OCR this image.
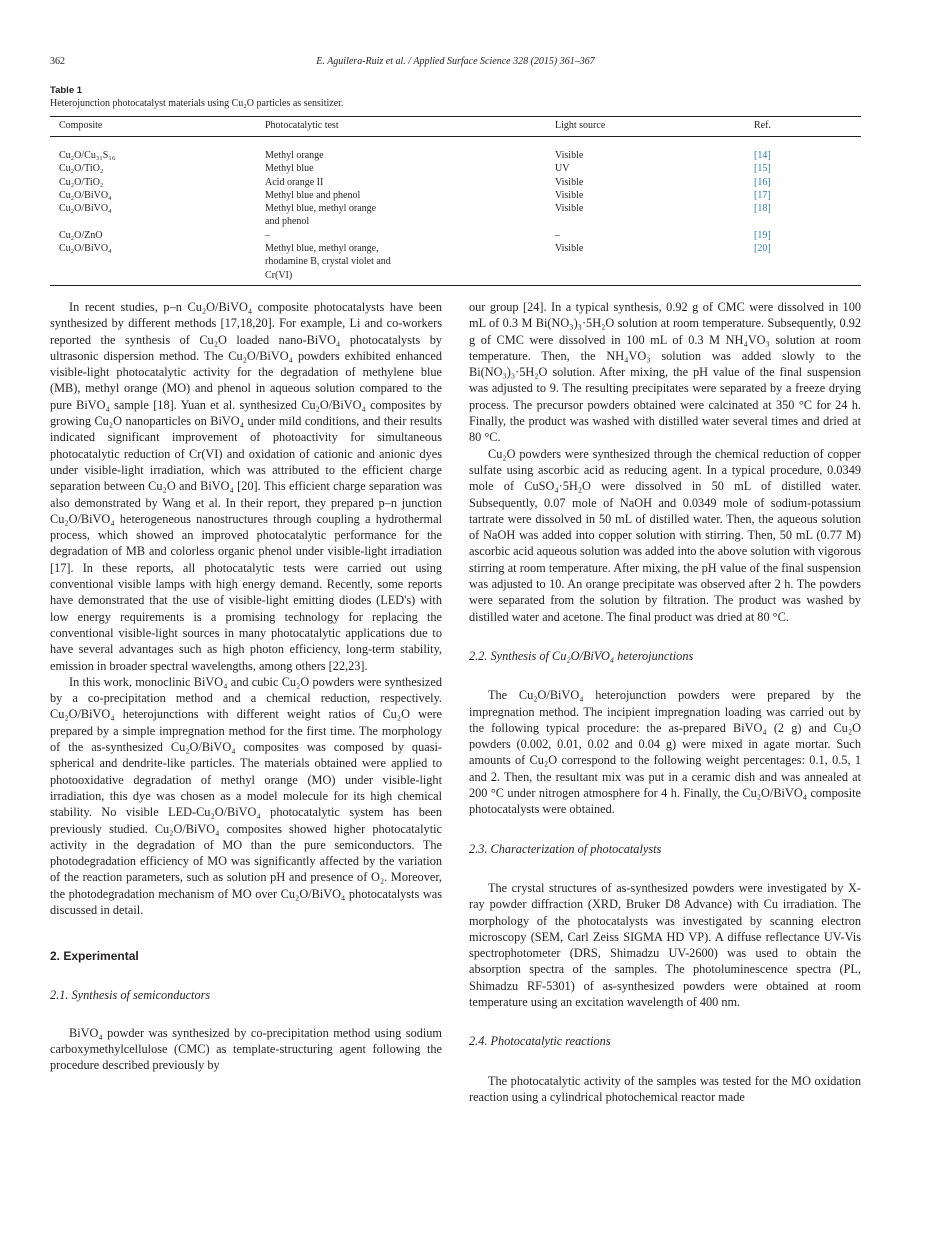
362	E. Aguilera-Ruiz et al. / Applied Surface Science 328 (2015) 361–367
Table 1
Heterojunction photocatalyst materials using Cu₂O particles as sensitizer.
Composite	Photocatalytic test	Light source	Ref.
Cu₂O/Cu₃₁S₁₆	Methyl orange	Visible	[14]
Cu₂O/TiO₂	Methyl blue	UV	[15]
Cu₂O/TiO₂	Acid orange II	Visible	[16]
Cu₂O/BiVO₄	Methyl blue and phenol	Visible	[17]
Cu₂O/BiVO₄	Methyl blue, methyl orange	Visible	[18]
	and phenol		
Cu₂O/ZnO	–	–	[19]
Cu₂O/BiVO₄	Methyl blue, methyl orange,	Visible	[20]
	rhodamine B, crystal violet and		
	Cr(VI)		

In recent studies, p–n Cu₂O/BiVO₄ composite photocatalysts have been synthesized by different methods [17,18,20]. For example, Li and co-workers reported the synthesis of Cu₂O loaded nano-BiVO₄ photocatalysts by ultrasonic dispersion method. The Cu₂O/BiVO₄ powders exhibited enhanced visible-light photocatalytic activity for the degradation of methylene blue (MB), methyl orange (MO) and phenol in aqueous solution compared to the pure BiVO₄ sample [18]. Yuan et al. synthesized Cu₂O/BiVO₄ composites by growing Cu₂O nanoparticles on BiVO₄ under mild conditions, and their results indicated significant improvement of photoactivity for simultaneous photocatalytic reduction of Cr(VI) and oxidation of cationic and anionic dyes under visible-light irradiation, which was attributed to the efficient charge separation between Cu₂O and BiVO₄ [20]. This efficient charge separation was also demonstrated by Wang et al. In their report, they prepared p–n junction Cu₂O/BiVO₄ heterogeneous nanostructures through coupling a hydrothermal process, which showed an improved photocatalytic performance for the degradation of MB and colorless organic phenol under visible-light irradiation [17]. In these reports, all photocatalytic tests were carried out using conventional visible lamps with high energy demand. Recently, some reports have demonstrated that the use of visible-light emitting diodes (LED's) with low energy requirements is a promising technology for replacing the conventional visible-light sources in many photocatalytic applications due to have several advantages such as high photon efficiency, long-term stability, emission in broader spectral wavelengths, among others [22,23].

In this work, monoclinic BiVO₄ and cubic Cu₂O powders were synthesized by a co-precipitation method and a chemical reduction, respectively. Cu₂O/BiVO₄ heterojunctions with different weight ratios of Cu₂O were prepared by a simple impregnation method for the first time. The morphology of the as-synthesized Cu₂O/BiVO₄ composites was composed by quasi-spherical and dendrite-like particles. The materials obtained were applied to photooxidative degradation of methyl orange (MO) under visible-light irradiation, this dye was chosen as a model molecule for its high chemical stability. No visible LED-Cu₂O/BiVO₄ photocatalytic system has been previously studied. Cu₂O/BiVO₄ composites showed higher photocatalytic activity in the degradation of MO than the pure semiconductors. The photodegradation efficiency of MO was significantly affected by the variation of the reaction parameters, such as solution pH and presence of O₂. Moreover, the photodegradation mechanism of MO over Cu₂O/BiVO₄ photocatalysts was discussed in detail.

2. Experimental
2.1. Synthesis of semiconductors

BiVO₄ powder was synthesized by co-precipitation method using sodium carboxymethylcellulose (CMC) as template-structuring agent following the procedure described previously by

our group [24]. In a typical synthesis, 0.92 g of CMC were dissolved in 100 mL of 0.3 M Bi(NO₃)₃·5H₂O solution at room temperature. Subsequently, 0.92 g of CMC were dissolved in 100 mL of 0.3 M NH₄VO₃ solution at room temperature. Then, the NH₄VO₃ solution was added slowly to the Bi(NO₃)₃·5H₂O solution. After mixing, the pH value of the final suspension was adjusted to 9. The resulting precipitates were separated by a freeze drying process. The precursor powders obtained were calcinated at 350 °C for 24 h. Finally, the product was washed with distilled water several times and dried at 80 °C.

Cu₂O powders were synthesized through the chemical reduction of copper sulfate using ascorbic acid as reducing agent. In a typical procedure, 0.0349 mole of CuSO₄·5H₂O were dissolved in 50 mL of distilled water. Subsequently, 0.07 mole of NaOH and 0.0349 mole of sodium-potassium tartrate were dissolved in 50 mL of distilled water. Then, the aqueous solution of NaOH was added into copper solution with stirring. Then, 50 mL (0.77 M) ascorbic acid aqueous solution was added into the above solution with vigorous stirring at room temperature. After mixing, the pH value of the final suspension was adjusted to 10. An orange precipitate was observed after 2 h. The powders were separated from the solution by filtration. The product was washed by distilled water and acetone. The final product was dried at 80 °C.

2.2. Synthesis of Cu₂O/BiVO₄ heterojunctions

The Cu₂O/BiVO₄ heterojunction powders were prepared by the impregnation method. The incipient impregnation loading was carried out by the following typical procedure: the as-prepared BiVO₄ (2 g) and Cu₂O powders (0.002, 0.01, 0.02 and 0.04 g) were mixed in agate mortar. Such amounts of Cu₂O correspond to the following weight percentages: 0.1, 0.5, 1 and 2. Then, the resultant mix was put in a ceramic dish and was annealed at 200 °C under nitrogen atmosphere for 4 h. Finally, the Cu₂O/BiVO₄ composite photocatalysts were obtained.

2.3. Characterization of photocatalysts

The crystal structures of as-synthesized powders were investigated by X-ray powder diffraction (XRD, Bruker D8 Advance) with Cu irradiation. The morphology of the photocatalysts was investigated by scanning electron microscopy (SEM, Carl Zeiss SIGMA HD VP). A diffuse reflectance UV-Vis spectrophotometer (DRS, Shimadzu UV-2600) was used to obtain the absorption spectra of the samples. The photoluminescence spectra (PL, Shimadzu RF-5301) of as-synthesized powders were obtained at room temperature using an excitation wavelength of 400 nm.

2.4. Photocatalytic reactions

The photocatalytic activity of the samples was tested for the MO oxidation reaction using a cylindrical photochemical reactor made
